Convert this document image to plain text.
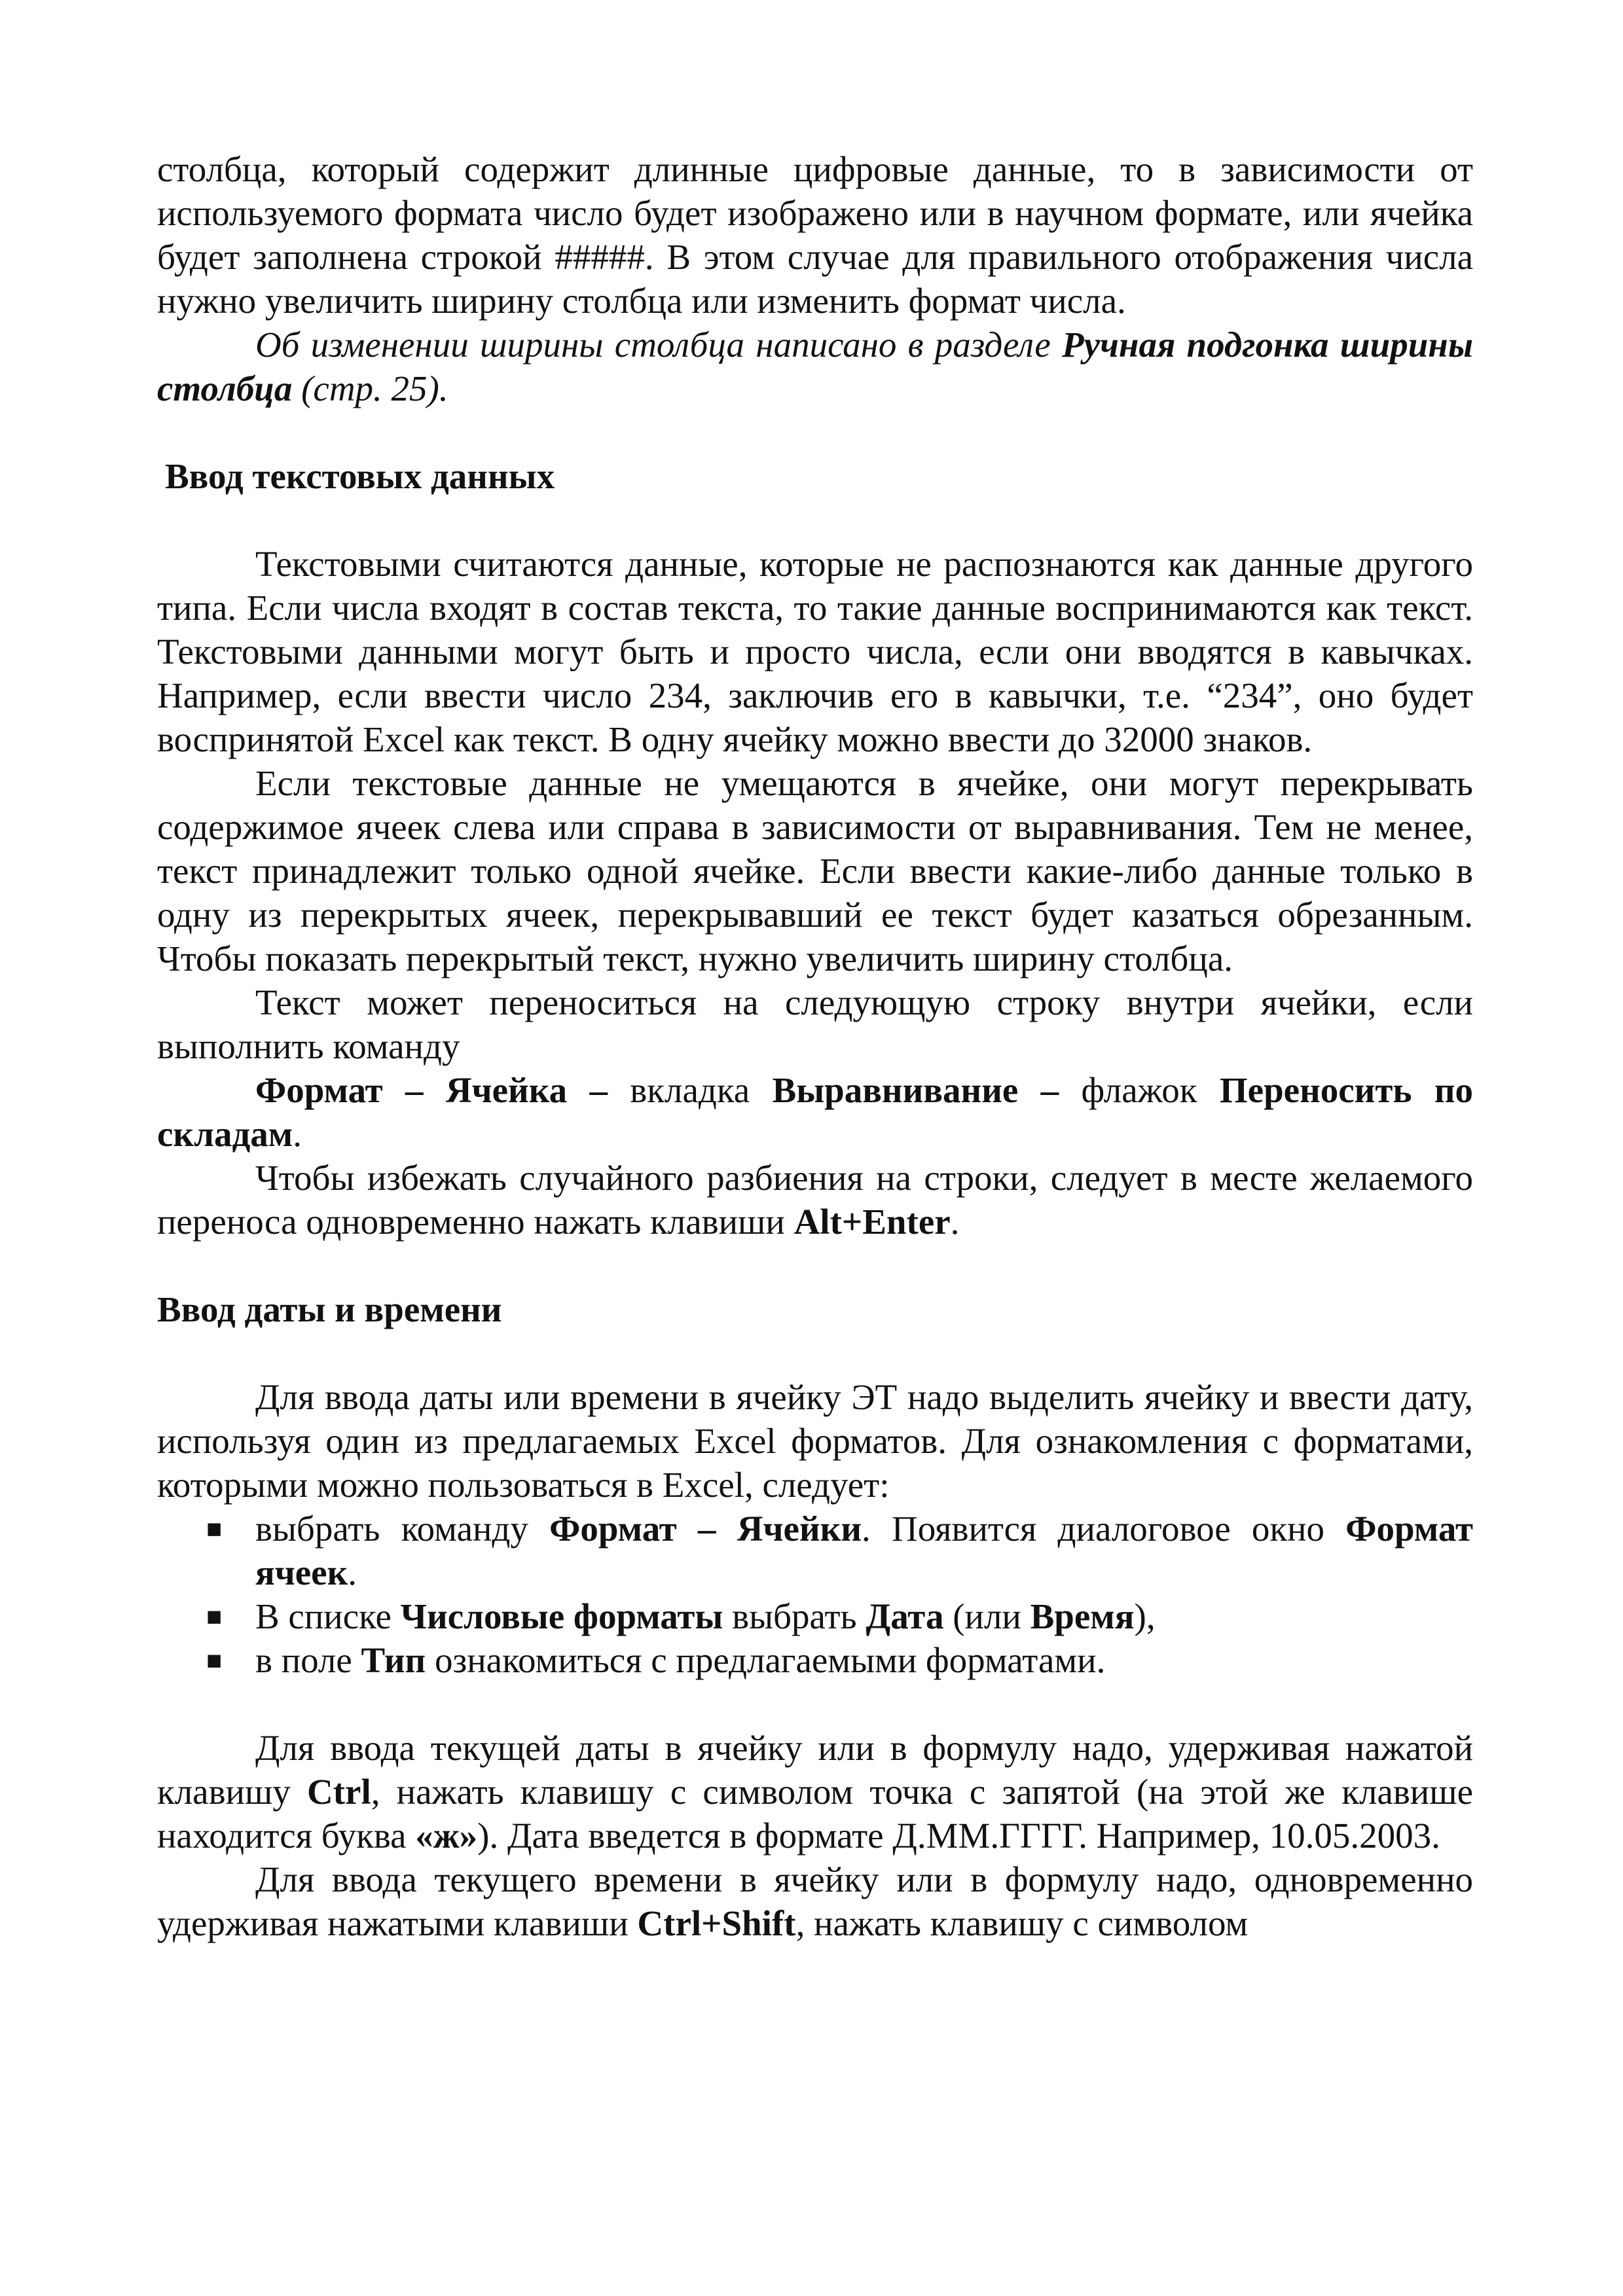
столбца, который содержит длинные цифровые данные, то в зависимости от используемого формата число будет изображено или в научном формате, или ячейка будет заполнена строкой #####. В этом случае для правильного отображения числа нужно увеличить ширину столбца или изменить формат числа.

Об изменении ширины столбца написано в разделе Ручная подгонка ширины столбца (стр. 25).

Ввод текстовых данных

Текстовыми считаются данные, которые не распознаются как данные другого типа. Если числа входят в состав текста, то такие данные воспринимаются как текст. Текстовыми данными могут быть и просто числа, если они вводятся в кавычках. Например, если ввести число 234, заключив его в кавычки, т.е. “234”, оно будет воспринятой Excel как текст. В одну ячейку можно ввести до 32000 знаков.

Если текстовые данные не умещаются в ячейке, они могут перекрывать содержимое ячеек слева или справа в зависимости от выравнивания. Тем не менее, текст принадлежит только одной ячейке. Если ввести какие-либо данные только в одну из перекрытых ячеек, перекрывавший ее текст будет казаться обрезанным. Чтобы показать перекрытый текст, нужно увеличить ширину столбца.

Текст может переноситься на следующую строку внутри ячейки, если выполнить команду

Формат – Ячейка – вкладка Выравнивание – флажок Переносить по складам.

Чтобы избежать случайного разбиения на строки, следует в месте желаемого переноса одновременно нажать клавиши Alt+Enter.

Ввод даты и времени

Для ввода даты или времени в ячейку ЭТ надо выделить ячейку и ввести дату, используя один из предлагаемых Excel форматов. Для ознакомления с форматами, которыми можно пользоваться в Excel, следует:

■ выбрать команду Формат – Ячейки. Появится диалоговое окно Формат ячеек.
■ В списке Числовые форматы выбрать Дата (или Время),
■ в поле Тип ознакомиться с предлагаемыми форматами.

Для ввода текущей даты в ячейку или в формулу надо, удерживая нажатой клавишу Ctrl, нажать клавишу с символом точка с запятой (на этой же клавише находится буква «ж»). Дата введется в формате Д.ММ.ГГГГ. Например, 10.05.2003.

Для ввода текущего времени в ячейку или в формулу надо, одновременно удерживая нажатыми клавиши Ctrl+Shift, нажать клавишу с символом
